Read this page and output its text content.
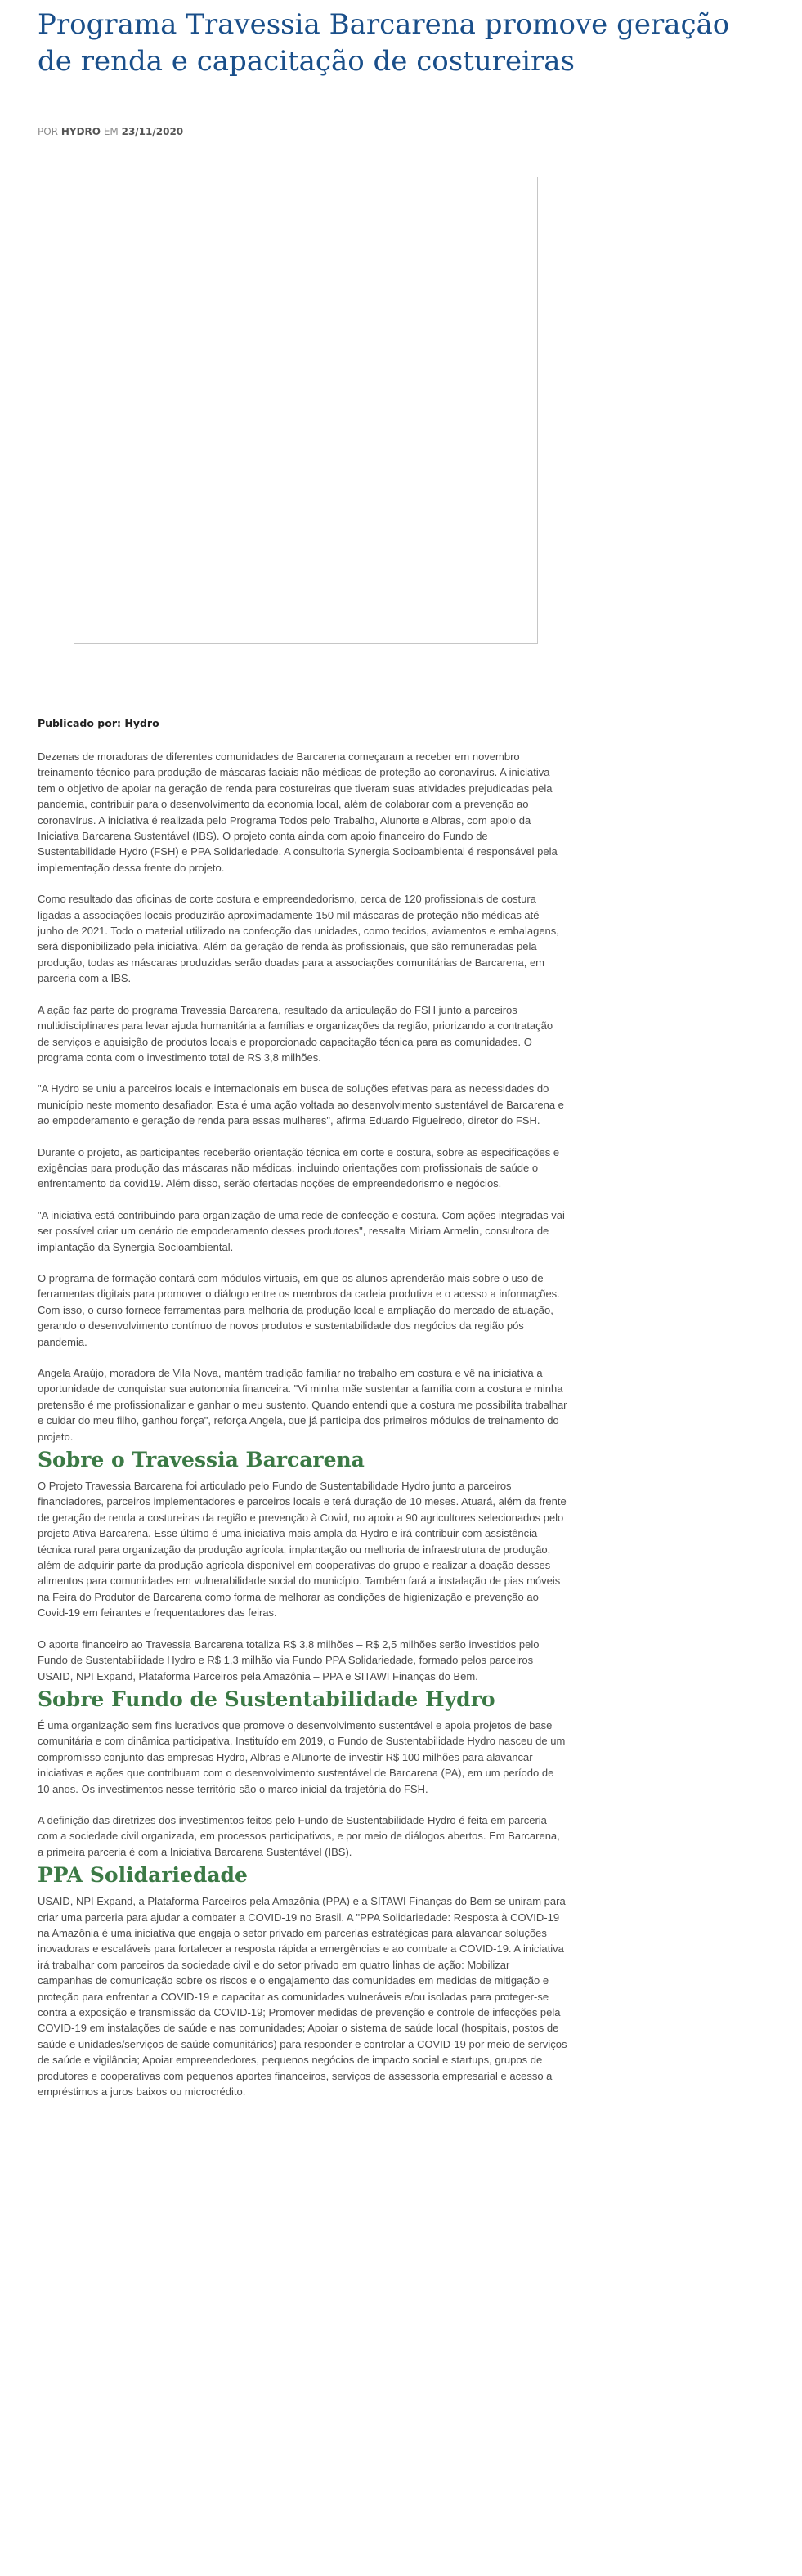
Programa Travessia Barcarena promove geração de renda e capacitação de costureiras
POR HYDRO EM 23/11/2020

Publicado por: Hydro

Dezenas de moradoras de diferentes comunidades de Barcarena começaram a receber em novembro treinamento técnico para produção de máscaras faciais não médicas de proteção ao coronavírus. A iniciativa tem o objetivo de apoiar na geração de renda para costureiras que tiveram suas atividades prejudicadas pela pandemia, contribuir para o desenvolvimento da economia local, além de colaborar com a prevenção ao coronavírus. A iniciativa é realizada pelo Programa Todos pelo Trabalho, Alunorte e Albras, com apoio da Iniciativa Barcarena Sustentável (IBS). O projeto conta ainda com apoio financeiro do Fundo de Sustentabilidade Hydro (FSH) e PPA Solidariedade. A consultoria Synergia Socioambiental é responsável pela implementação dessa frente do projeto.

Como resultado das oficinas de corte costura e empreendedorismo, cerca de 120 profissionais de costura ligadas a associações locais produzirão aproximadamente 150 mil máscaras de proteção não médicas até junho de 2021. Todo o material utilizado na confecção das unidades, como tecidos, aviamentos e embalagens, será disponibilizado pela iniciativa. Além da geração de renda às profissionais, que são remuneradas pela produção, todas as máscaras produzidas serão doadas para a associações comunitárias de Barcarena, em parceria com a IBS.

A ação faz parte do programa Travessia Barcarena, resultado da articulação do FSH junto a parceiros multidisciplinares para levar ajuda humanitária a famílias e organizações da região, priorizando a contratação de serviços e aquisição de produtos locais e proporcionado capacitação técnica para as comunidades. O programa conta com o investimento total de R$ 3,8 milhões.

"A Hydro se uniu a parceiros locais e internacionais em busca de soluções efetivas para as necessidades do município neste momento desafiador. Esta é uma ação voltada ao desenvolvimento sustentável de Barcarena e ao empoderamento e geração de renda para essas mulheres", afirma Eduardo Figueiredo, diretor do FSH.

Durante o projeto, as participantes receberão orientação técnica em corte e costura, sobre as especificações e exigências para produção das máscaras não médicas, incluindo orientações com profissionais de saúde o enfrentamento da covid19. Além disso, serão ofertadas noções de empreendedorismo e negócios.

"A iniciativa está contribuindo para organização de uma rede de confecção e costura. Com ações integradas vai ser possível criar um cenário de empoderamento desses produtores", ressalta Miriam Armelin, consultora de implantação da Synergia Socioambiental.

O programa de formação contará com módulos virtuais, em que os alunos aprenderão mais sobre o uso de ferramentas digitais para promover o diálogo entre os membros da cadeia produtiva e o acesso a informações. Com isso, o curso fornece ferramentas para melhoria da produção local e ampliação do mercado de atuação, gerando o desenvolvimento contínuo de novos produtos e sustentabilidade dos negócios da região pós pandemia.

Angela Araújo, moradora de Vila Nova, mantém tradição familiar no trabalho em costura e vê na iniciativa a oportunidade de conquistar sua autonomia financeira. "Vi minha mãe sustentar a família com a costura e minha pretensão é me profissionalizar e ganhar o meu sustento. Quando entendi que a costura me possibilita trabalhar e cuidar do meu filho, ganhou força", reforça Angela, que já participa dos primeiros módulos de treinamento do projeto.

Sobre o Travessia Barcarena

O Projeto Travessia Barcarena foi articulado pelo Fundo de Sustentabilidade Hydro junto a parceiros financiadores, parceiros implementadores e parceiros locais e terá duração de 10 meses. Atuará, além da frente de geração de renda a costureiras da região e prevenção à Covid, no apoio a 90 agricultores selecionados pelo projeto Ativa Barcarena. Esse último é uma iniciativa mais ampla da Hydro e irá contribuir com assistência técnica rural para organização da produção agrícola, implantação ou melhoria de infraestrutura de produção, além de adquirir parte da produção agrícola disponível em cooperativas do grupo e realizar a doação desses alimentos para comunidades em vulnerabilidade social do município. Também fará a instalação de pias móveis na Feira do Produtor de Barcarena como forma de melhorar as condições de higienização e prevenção ao Covid-19 em feirantes e frequentadores das feiras.

O aporte financeiro ao Travessia Barcarena totaliza R$ 3,8 milhões – R$ 2,5 milhões serão investidos pelo Fundo de Sustentabilidade Hydro e R$ 1,3 milhão via Fundo PPA Solidariedade, formado pelos parceiros USAID, NPI Expand, Plataforma Parceiros pela Amazônia – PPA e SITAWI Finanças do Bem.

Sobre Fundo de Sustentabilidade Hydro

É uma organização sem fins lucrativos que promove o desenvolvimento sustentável e apoia projetos de base comunitária e com dinâmica participativa. Instituído em 2019, o Fundo de Sustentabilidade Hydro nasceu de um compromisso conjunto das empresas Hydro, Albras e Alunorte de investir R$ 100 milhões para alavancar iniciativas e ações que contribuam com o desenvolvimento sustentável de Barcarena (PA), em um período de 10 anos. Os investimentos nesse território são o marco inicial da trajetória do FSH.

A definição das diretrizes dos investimentos feitos pelo Fundo de Sustentabilidade Hydro é feita em parceria com a sociedade civil organizada, em processos participativos, e por meio de diálogos abertos. Em Barcarena, a primeira parceria é com a Iniciativa Barcarena Sustentável (IBS).

PPA Solidariedade

USAID, NPI Expand, a Plataforma Parceiros pela Amazônia (PPA) e a SITAWI Finanças do Bem se uniram para criar uma parceria para ajudar a combater a COVID-19 no Brasil. A "PPA Solidariedade: Resposta à COVID-19 na Amazônia é uma iniciativa que engaja o setor privado em parcerias estratégicas para alavancar soluções inovadoras e escaláveis para fortalecer a resposta rápida a emergências e ao combate a COVID-19. A iniciativa irá trabalhar com parceiros da sociedade civil e do setor privado em quatro linhas de ação: Mobilizar campanhas de comunicação sobre os riscos e o engajamento das comunidades em medidas de mitigação e proteção para enfrentar a COVID-19 e capacitar as comunidades vulneráveis e/ou isoladas para proteger-se contra a exposição e transmissão da COVID-19; Promover medidas de prevenção e controle de infecções pela COVID-19 em instalações de saúde e nas comunidades; Apoiar o sistema de saúde local (hospitais, postos de saúde e unidades/serviços de saúde comunitários) para responder e controlar a COVID-19 por meio de serviços de saúde e vigilância; Apoiar empreendedores, pequenos negócios de impacto social e startups, grupos de produtores e cooperativas com pequenos aportes financeiros, serviços de assessoria empresarial e acesso a empréstimos a juros baixos ou microcrédito.
